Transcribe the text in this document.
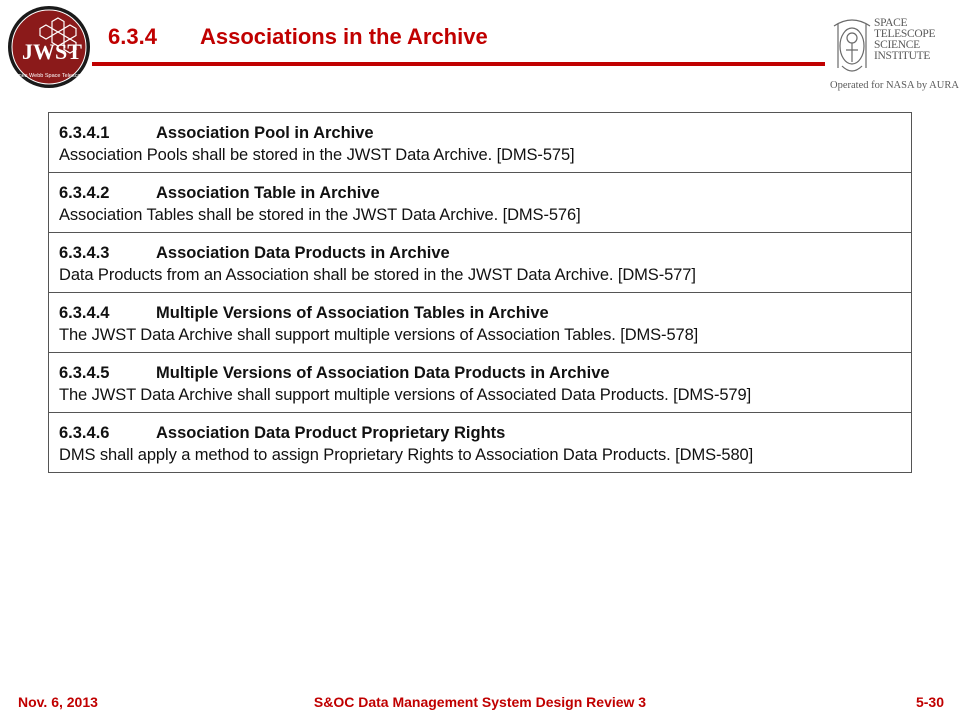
JWST
James Webb Space Telescope
6.3.4 Associations in the Archive
SPACE
TELESCOPE
SCIENCE
INSTITUTE
Operated for NASA by AURA
6.3.4.1	Association Pool in Archive
Association Pools shall be stored in the JWST Data Archive. [DMS-575]

6.3.4.2	Association Table in Archive
Association Tables shall be stored in the JWST Data Archive. [DMS-576]

6.3.4.3	Association Data Products in Archive
Data Products from an Association shall be stored in the JWST Data Archive. [DMS-577]

6.3.4.4	Multiple Versions of Association Tables in Archive
The JWST Data Archive shall support multiple versions of Association Tables. [DMS-578]

6.3.4.5	Multiple Versions of Association Data Products in Archive
The JWST Data Archive shall support multiple versions of Associated Data Products. [DMS-579]

6.3.4.6	Association Data Product Proprietary Rights
DMS shall apply a method to assign Proprietary Rights to Association Data Products. [DMS-580]
Nov. 6, 2013	S&OC Data Management System Design Review 3	5-30
